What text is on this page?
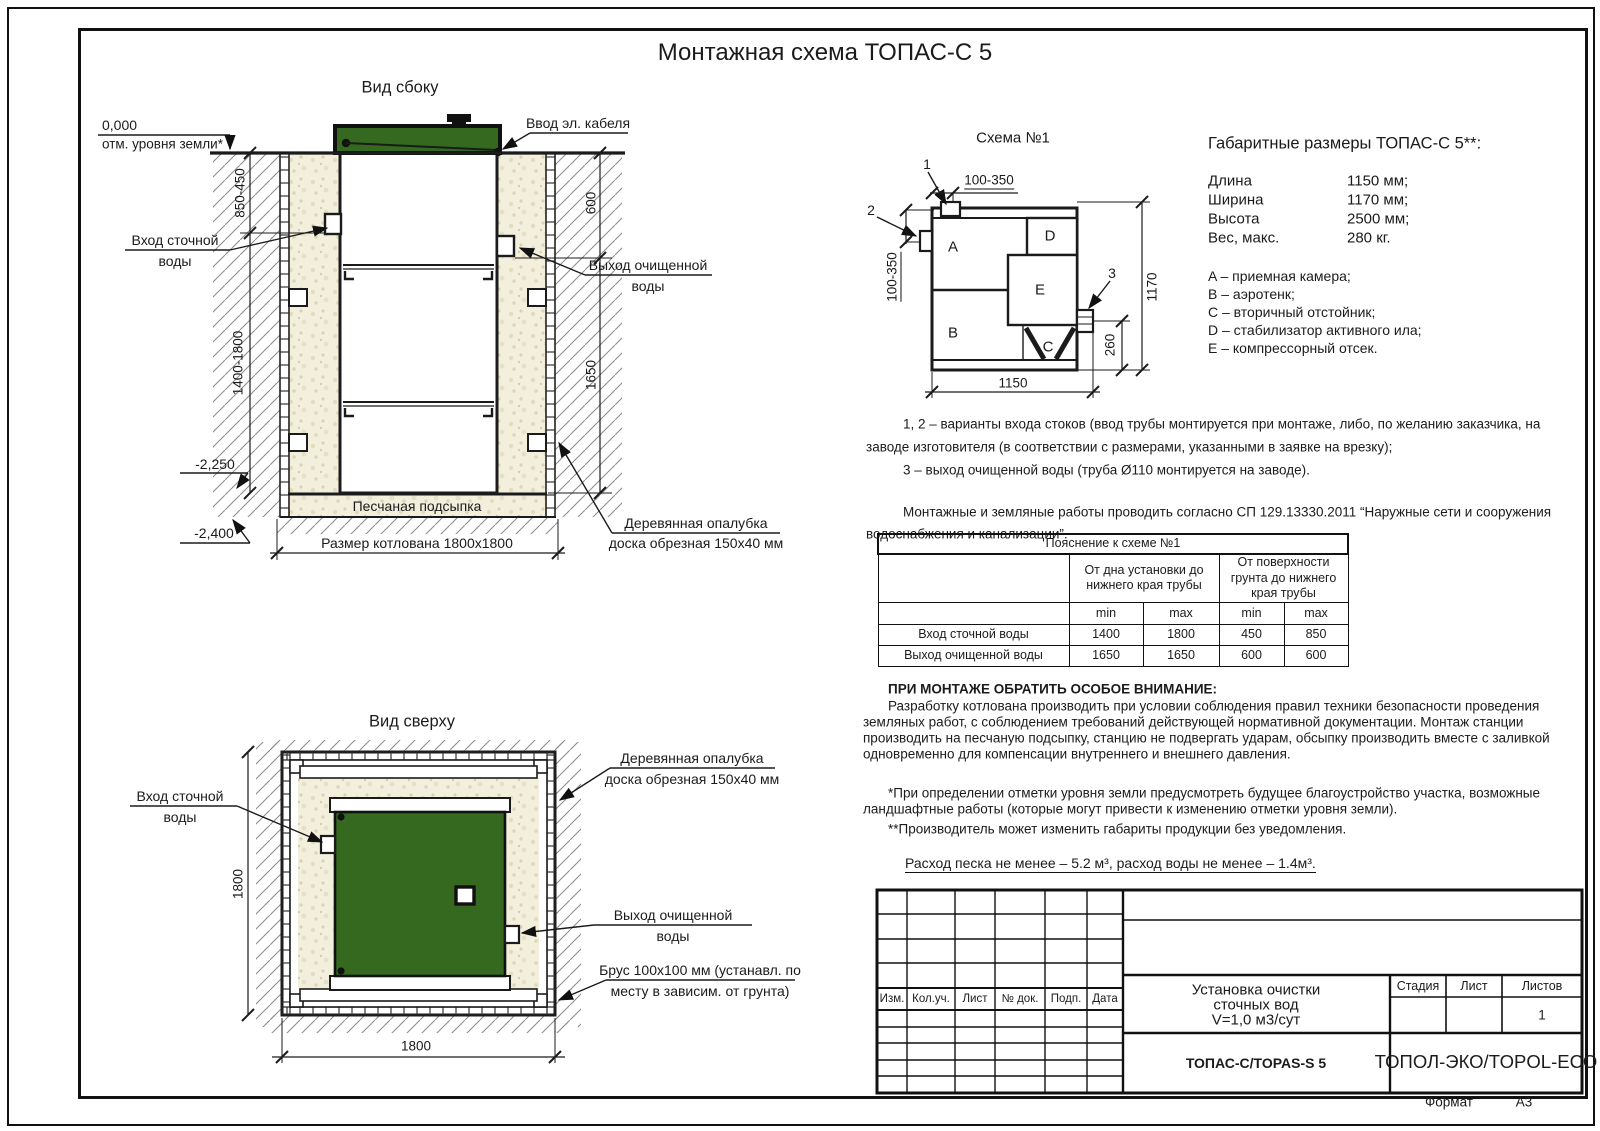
Монтажная схема ТОПАС-С 5
Вид сбоку
0,000
отм. уровня земли*
850-450
1400-1800
600
1650
Вход сточной
воды
Ввод эл. кабеля
Выход очищенной
воды
Деревянная опалубка
доска обрезная 150х40 мм
-2,250
-2,400
Песчаная подсыпка
Размер котлована 1800х1800
Вид сверху
1800
1800
Вход сточной
воды
Выход очищенной
воды
Деревянная опалубка
доска обрезная 150х40 мм
Брус 100х100 мм (устанавл. по
месту в зависим. от грунта)
Схема №1
1
2
3
100-350
100-350	1170
260
1150
A
B
C
D
E
Габаритные размеры ТОПАС-С 5**:
Длина	1150 мм;
Ширина	1170 мм;
Высота	2500 мм;
Вес, макс.	280 кг.
A – приемная камера;
B – аэротенк;
C – вторичный отстойник;
D – стабилизатор активного ила;
E – компрессорный отсек.
1, 2 – варианты входа стоков (ввод трубы монтируется при монтаже, либо, по желанию заказчика, на
заводе изготовителя (в соответствии с размерами, указанными в заявке на врезку);
3 – выход очищенной воды (труба Ø110 монтируется на заводе).
Монтажные и земляные работы проводить согласно СП 129.13330.2011 “Наружные сети и сооружения
водоснабжения и канализации”.
Пояснение к схеме №1				
	От дна установки до нижнего края трубы		От поверхности грунта до нижнего края трубы	
	min	max	min	max
Вход сточной воды	1400	1800	450	850
Выход очищенной воды	1650	1650	600	600
ПРИ МОНТАЖЕ ОБРАТИТЬ ОСОБОЕ ВНИМАНИЕ:
Разработку котлована производить при условии соблюдения правил техники безопасности проведения
земляных работ, с соблюдением требований действующей нормативной документации. Монтаж станции
производить на песчаную подсыпку, станцию не подвергать ударам, обсыпку производить вместе с заливкой
одновременно для компенсации внутреннего и внешнего давления.
*При определении отметки уровня земли предусмотреть будущее благоустройство участка, возможные
ландшафтные работы (которые могут привести к изменению отметки уровня земли).
**Производитель может изменить габариты продукции без уведомления.
Расход песка не менее – 5.2 м³, расход воды не менее – 1.4м³.
Изм. Кол.уч. Лист № док. Подп. Дата
Установка очистки
сточных вод
V=1,0 м3/сут
ТОПАС-С/TOPAS-S 5	ТОПОЛ-ЭКО/TOPOL-ECO
Стадия Лист	Листов
1
Формат	А3
